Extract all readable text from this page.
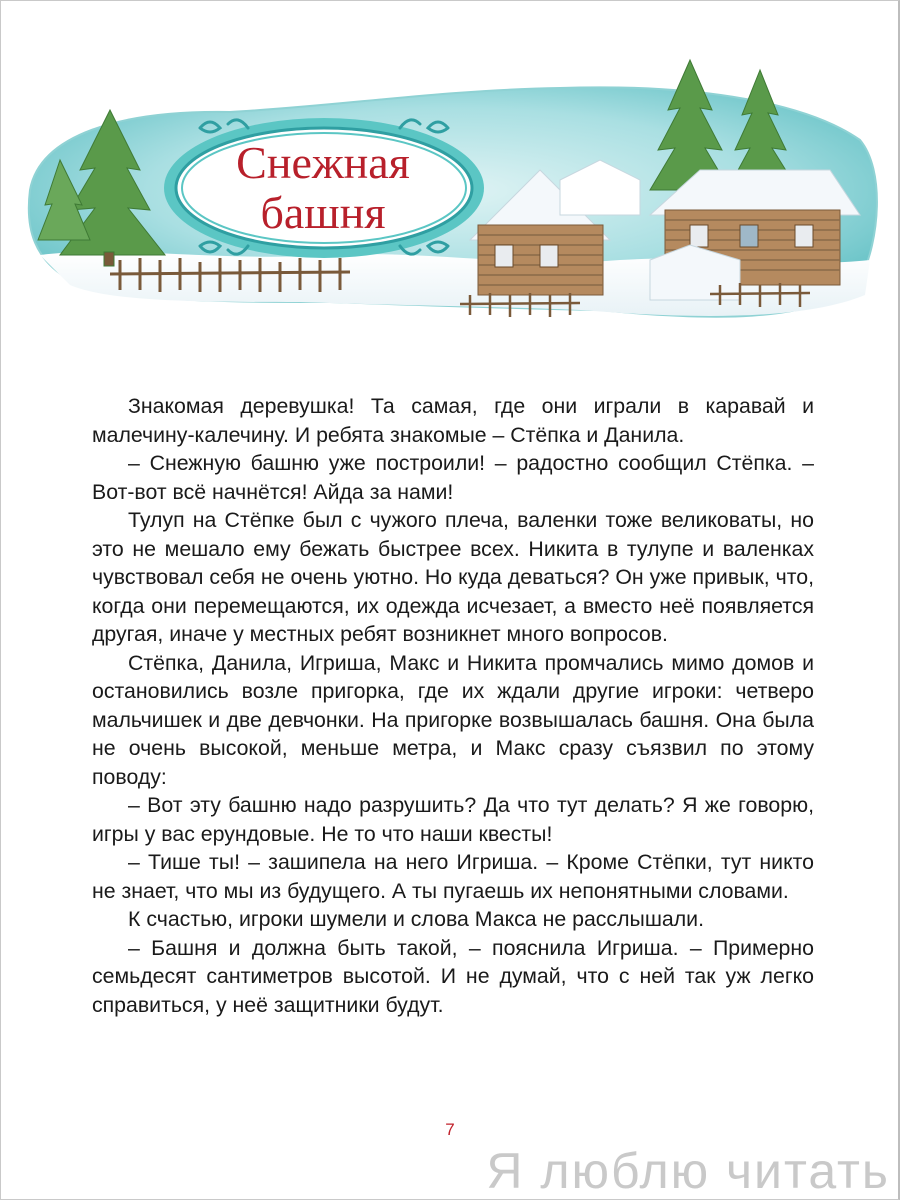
Снежная
башня

Знакомая деревушка! Та самая, где они играли в каравай и малечину-калечину. И ребята знакомые – Стёпка и Данила.

– Снежную башню уже построили! – радостно сообщил Стёпка. – Вот-вот всё начнётся! Айда за нами!

Тулуп на Стёпке был с чужого плеча, валенки тоже великоваты, но это не мешало ему бежать быстрее всех. Никита в тулупе и валенках чувствовал себя не очень уютно. Но куда деваться? Он уже привык, что, когда они перемещаются, их одежда исчезает, а вместо неё появляется другая, иначе у местных ребят возникнет много вопросов.

Стёпка, Данила, Игриша, Макс и Никита промчались мимо домов и остановились возле пригорка, где их ждали другие игроки: четверо мальчишек и две девчонки. На пригорке возвышалась башня. Она была не очень высокой, меньше метра, и Макс сразу съязвил по этому поводу:

– Вот эту башню надо разрушить? Да что тут делать? Я же говорю, игры у вас ерундовые. Не то что наши квесты!

– Тише ты! – зашипела на него Игриша. – Кроме Стёпки, тут никто не знает, что мы из будущего. А ты пугаешь их непонятными словами.

К счастью, игроки шумели и слова Макса не расслышали.

– Башня и должна быть такой, – пояснила Игриша. – Примерно семьдесят сантиметров высотой. И не думай, что с ней так уж легко справиться, у неё защитники будут.

7
Я люблю читать
